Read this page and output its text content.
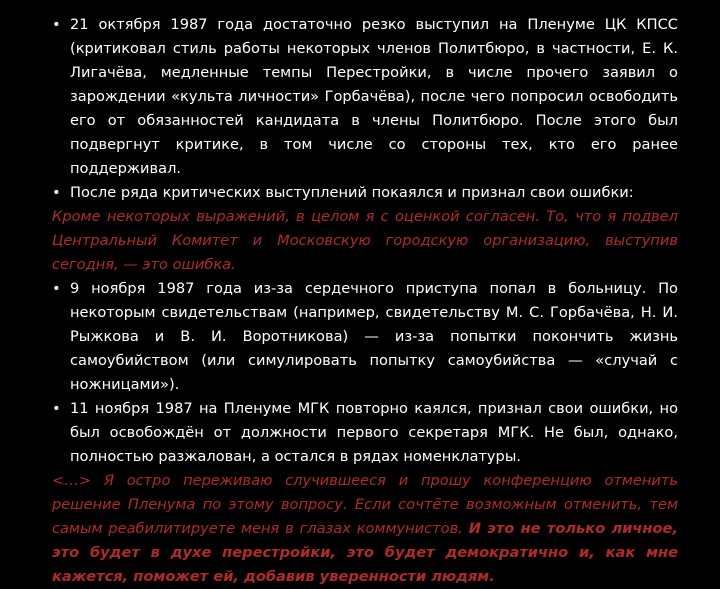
• 21 октября 1987 года достаточно резко выступил на Пленуме ЦК КПСС (критиковал стиль работы некоторых членов Политбюро, в частности, Е. К. Лигачёва, медленные темпы Перестройки, в числе прочего заявил о зарождении «культа личности» Горбачёва), после чего попросил освободить его от обязанностей кандидата в члены Политбюро. После этого был подвергнут критике, в том числе со стороны тех, кто его ранее поддерживал.

• После ряда критических выступлений покаялся и признал свои ошибки:

Кроме некоторых выражений, в целом я с оценкой согласен. То, что я подвел Центральный Комитет и Московскую городскую организацию, выступив сегодня, — это ошибка.

• 9 ноября 1987 года из-за сердечного приступа попал в больницу. По некоторым свидетельствам (например, свидетельству М. С. Горбачёва, Н. И. Рыжкова и В. И. Воротникова) — из-за попытки покончить жизнь самоубийством (или симулировать попытку самоубийства — «случай с ножницами»).

• 11 ноября 1987 на Пленуме МГК повторно каялся, признал свои ошибки, но был освобождён от должности первого секретаря МГК. Не был, однако, полностью разжалован, а остался в рядах номенклатуры.

<…> Я остро переживаю случившееся и прошу конференцию отменить решение Пленума по этому вопросу. Если сочтёте возможным отменить, тем самым реабилитируете меня в глазах коммунистов. И это не только личное, это будет в духе перестройки, это будет демократично и, как мне кажется, поможет ей, добавив уверенности людям.
